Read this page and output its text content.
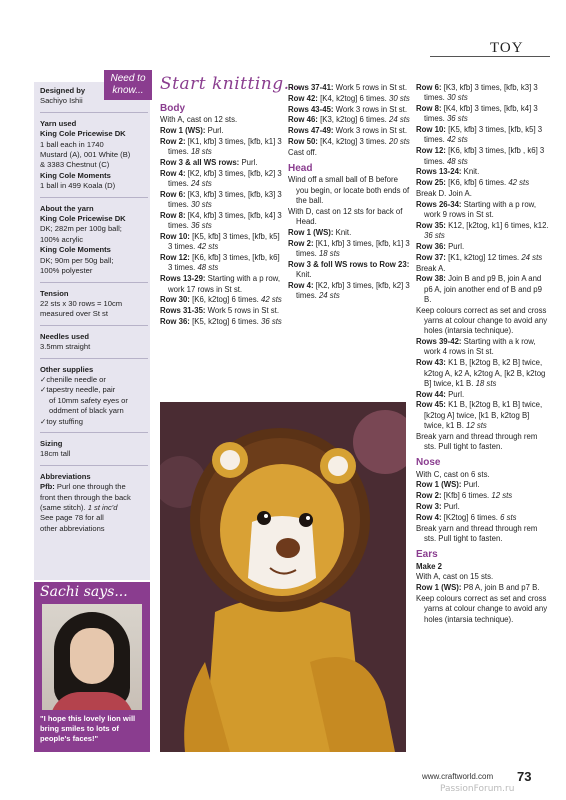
TOY
Designed by
Sachiyo Ishii
Yarn used
King Cole Pricewise DK
1 ball each in 1740
Mustard (A), 001 White (B)
& 3383 Chestnut (C)
King Cole Moments
1 ball in 499 Koala (D)
About the yarn
King Cole Pricewise DK
DK; 282m per 100g ball;
100% acrylic
King Cole Moments
DK; 90m per 50g ball;
100% polyester
Tension
22 sts x 30 rows = 10cm
measured over St st
Needles used
3.5mm straight
Other supplies
✓ chenille needle or
✓ tapestry needle, pair
of 10mm safety eyes or
oddment of black yarn
✓ toy stuffing
Sizing
18cm tall
Abbreviations
Pfb: Purl one through the
front then through the back
(same stitch). 1 st inc'd
See page 78 for all
other abbreviations
Need to know...
Sachi says...
"I hope this lovely lion will bring smiles to lots of people's faces!"
Start knitting...
Body

With A, cast on 12 sts.

Row 1 (WS): Purl.

Row 2: [K1, kfb] 3 times, [kfb, k1] 3 times. 18 sts

Row 3 & all WS rows: Purl.

Row 4: [K2, kfb] 3 times, [kfb, k2] 3 times. 24 sts

Row 6: [K3, kfb] 3 times, [kfb, k3] 3 times. 30 sts

Row 8: [K4, kfb] 3 times, [kfb, k4] 3 times. 36 sts

Row 10: [K5, kfb] 3 times, [kfb, k5] 3 times. 42 sts

Row 12: [K6, kfb] 3 times, [kfb, k6] 3 times. 48 sts

Rows 13-29: Starting with a p row, work 17 rows in St st.

Row 30: [K6, k2tog] 6 times. 42 sts

Rows 31-35: Work 5 rows in St st.

Row 36: [K5, k2tog] 6 times. 36 sts

Rows 37-41: Work 5 rows in St st.

Row 42: [K4, k2tog] 6 times. 30 sts

Rows 43-45: Work 3 rows in St st.

Row 46: [K3, k2tog] 6 times. 24 sts

Rows 47-49: Work 3 rows in St st.

Row 50: [K4, k2tog] 3 times. 20 sts

Cast off.

Head

Wind off a small ball of B before you begin, or locate both ends of the ball.

With D, cast on 12 sts for back of Head.

Row 1 (WS): Knit.

Row 2: [K1, kfb] 3 times, [kfb, k1] 3 times. 18 sts

Row 3 & foll WS rows to Row 23: Knit.

Row 4: [K2, kfb] 3 times, [kfb, k2] 3 times. 24 sts

Row 6: [K3, kfb] 3 times, [kfb, k3] 3 times. 30 sts

Row 8: [K4, kfb] 3 times, [kfb, k4] 3 times. 36 sts

Row 10: [K5, kfb] 3 times, [kfb, k5] 3 times. 42 sts

Row 12: [K6, kfb] 3 times, [kfb , k6] 3 times. 48 sts

Rows 13-24: Knit.

Row 25: [K6, kfb] 6 times. 42 sts

Break D. Join A.

Rows 26-34: Starting with a p row, work 9 rows in St st.

Row 35: K12, [k2tog, k1] 6 times, k12. 36 sts

Row 36: Purl.

Row 37: [K1, k2tog] 12 times. 24 sts

Break A.

Row 38: Join B and p9 B, join A and p6 A, join another end of B and p9 B.

Keep colours correct as set and cross yarns at colour change to avoid any holes (intarsia technique).

Rows 39-42: Starting with a k row, work 4 rows in St st.

Row 43: K1 B, [k2tog B, k2 B] twice, k2tog A, k2 A, k2tog A, [k2 B, k2tog B] twice, k1 B. 18 sts

Row 44: Purl.

Row 45: K1 B, [k2tog B, k1 B] twice, [k2tog A] twice, [k1 B, k2tog B] twice, k1 B. 12 sts

Break yarn and thread through rem sts. Pull tight to fasten.

Nose

With C, cast on 6 sts.

Row 1 (WS): Purl.

Row 2: [Kfb] 6 times. 12 sts

Row 3: Purl.

Row 4: [K2tog] 6 times. 6 sts

Break yarn and thread through rem sts. Pull tight to fasten.

Ears

Make 2

With A, cast on 15 sts.

Row 1 (WS): P8 A, join B and p7 B.

Keep colours correct as set and cross yarns at colour change to avoid any holes (intarsia technique).

www.craftworld.com 73
PassionForum.ru
